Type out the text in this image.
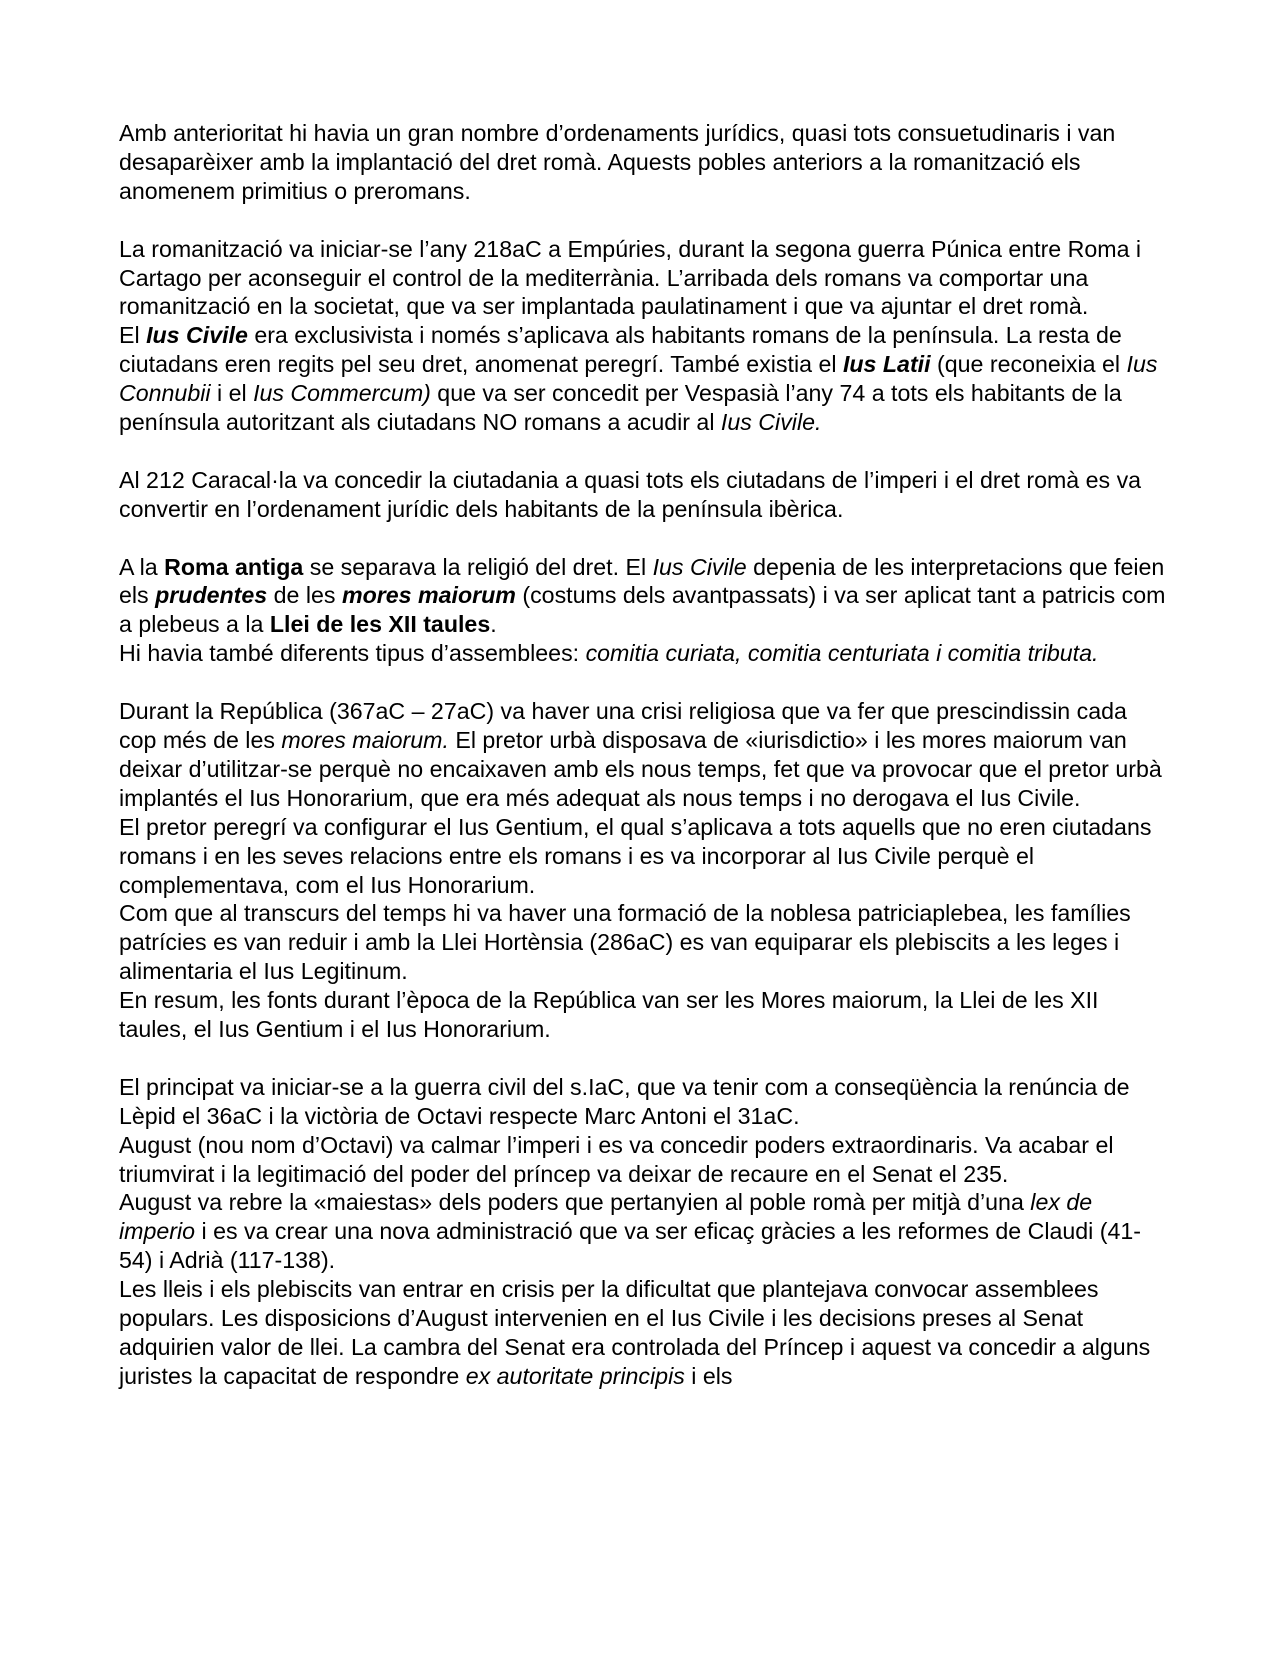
Amb anterioritat hi havia un gran nombre d’ordenaments jurídics, quasi tots consuetudinaris i van desaparèixer amb la implantació del dret romà. Aquests pobles anteriors a la romanització els anomenem primitius o preromans.

La romanització va iniciar-se l’any 218aC a Empúries, durant la segona guerra Púnica entre Roma i Cartago per aconseguir el control de la mediterrània. L’arribada dels romans va comportar una romanització en la societat, que va ser implantada paulatinament i que va ajuntar el dret romà.

El Ius Civile era exclusivista i només s’aplicava als habitants romans de la península. La resta de ciutadans eren regits pel seu dret, anomenat peregrí. També existia el Ius Latii (que reconeixia el Ius Connubii i el Ius Commercum) que va ser concedit per Vespasià l’any 74 a tots els habitants de la península autoritzant als ciutadans NO romans a acudir al Ius Civile.

Al 212 Caracal·la va concedir la ciutadania a quasi tots els ciutadans de l’imperi i el dret romà es va convertir en l’ordenament jurídic dels habitants de la península ibèrica.

A la Roma antiga se separava la religió del dret. El Ius Civile depenia de les interpretacions que feien els prudentes de les mores maiorum (costums dels avantpassats) i va ser aplicat tant a patricis com a plebeus a la Llei de les XII taules.

Hi havia també diferents tipus d’assemblees: comitia curiata, comitia centuriata i comitia tributa.

Durant la República (367aC – 27aC) va haver una crisi religiosa que va fer que prescindissin cada cop més de les mores maiorum. El pretor urbà disposava de «iurisdictio» i les mores maiorum van deixar d’utilitzar-se perquè no encaixaven amb els nous temps, fet que va provocar que el pretor urbà implantés el Ius Honorarium, que era més adequat als nous temps i no derogava el Ius Civile.

El pretor peregrí va configurar el Ius Gentium, el qual s’aplicava a tots aquells que no eren ciutadans romans i en les seves relacions entre els romans i es va incorporar al Ius Civile perquè el complementava, com el Ius Honorarium.

Com que al transcurs del temps hi va haver una formació de la noblesa patriciaplebea, les famílies patrícies es van reduir i amb la Llei Hortènsia (286aC) es van equiparar els plebiscits a les leges i alimentaria el Ius Legitinum.

En resum, les fonts durant l’època de la República van ser les Mores maiorum, la Llei de les XII taules, el Ius Gentium i el Ius Honorarium.

El principat va iniciar-se a la guerra civil del s.IaC, que va tenir com a conseqüència la renúncia de Lèpid el 36aC i la victòria de Octavi respecte Marc Antoni el 31aC.

August (nou nom d’Octavi) va calmar l’imperi i es va concedir poders extraordinaris. Va acabar el triumvirat i la legitimació del poder del príncep va deixar de recaure en el Senat el 235.

August va rebre la «maiestas» dels poders que pertanyien al poble romà per mitjà d’una lex de imperio i es va crear una nova administració que va ser eficaç gràcies a les reformes de Claudi (41-54) i Adrià (117-138).

Les lleis i els plebiscits van entrar en crisis per la dificultat que plantejava convocar assemblees populars. Les disposicions d’August intervenien en el Ius Civile i les decisions preses al Senat adquirien valor de llei. La cambra del Senat era controlada del Príncep i aquest va concedir a alguns juristes la capacitat de respondre ex autoritate principis i els
